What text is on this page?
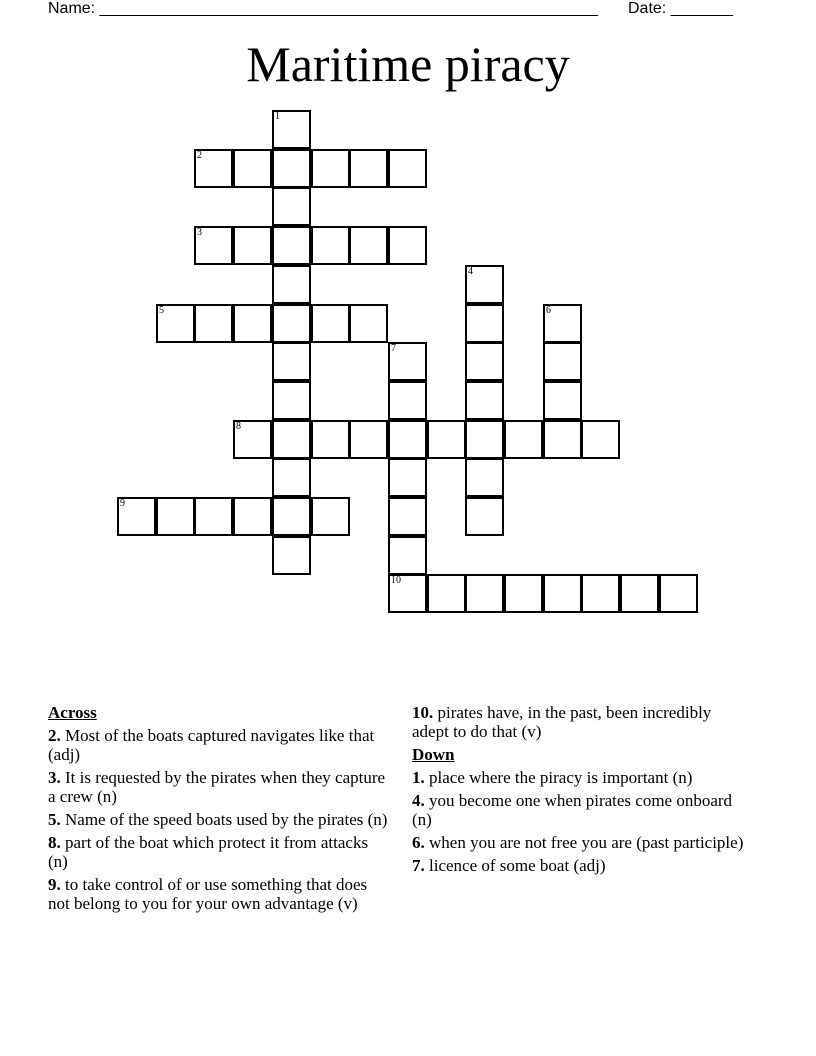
Name: ________________________________________________________ Date: _______
Maritime piracy
2
3
5
8
9
10
1
4
6
7
Across
2. Most of the boats captured navigates like that (adj)
3. It is requested by the pirates when they capture a crew (n)
5. Name of the speed boats used by the pirates (n)
8. part of the boat which protect it from attacks (n)
9. to take control of or use something that does not belong to you for your own advantage (v)
10. pirates have, in the past, been incredibly adept to do that (v)
Down
1. place where the piracy is important (n)
4. you become one when pirates come onboard (n)
6. when you are not free you are (past participle)
7. licence of some boat (adj)
